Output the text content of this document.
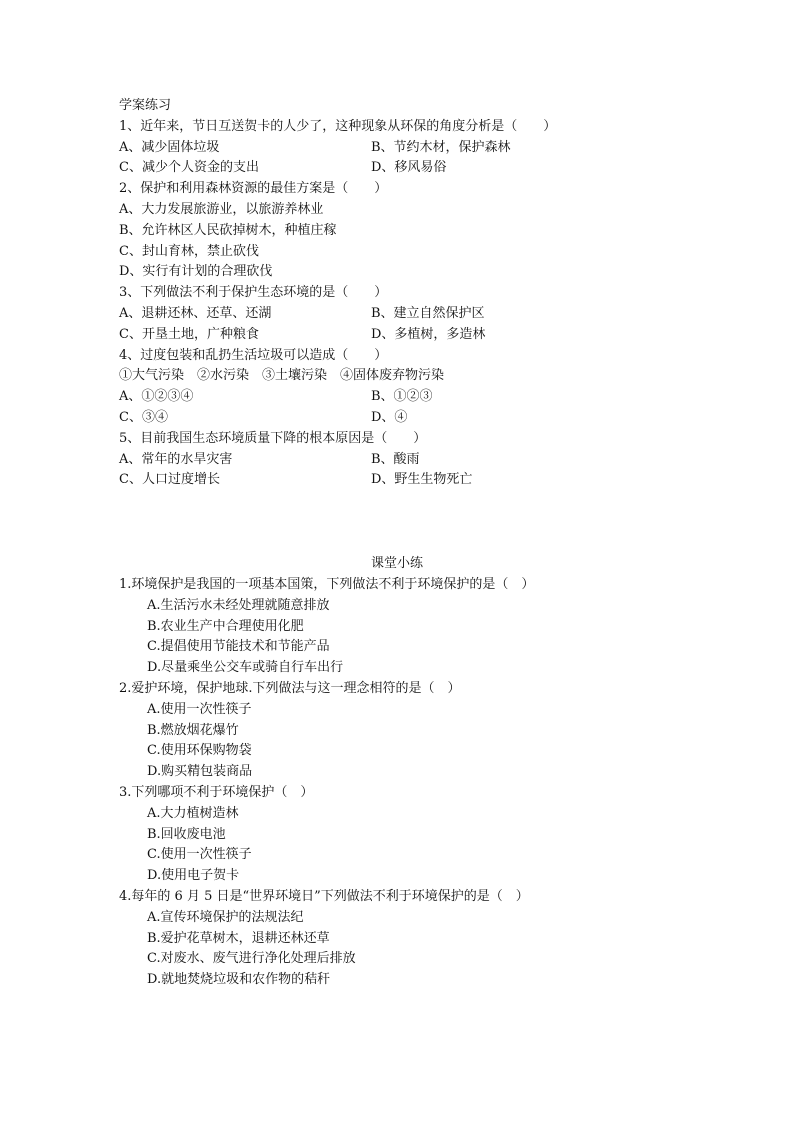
学案练习
1、近年来，节日互送贺卡的人少了，这种现象从环保的角度分析是（　　）
A、减少固体垃圾	B、节约木材，保护森林
C、减少个人资金的支出	D、移风易俗
2、保护和利用森林资源的最佳方案是（　　）
A、大力发展旅游业，以旅游养林业
B、允许林区人民砍掉树木，种植庄稼
C、封山育林，禁止砍伐
D、实行有计划的合理砍伐
3、下列做法不利于保护生态环境的是（　　）
A、退耕还林、还草、还湖	B、建立自然保护区
C、开垦土地，广种粮食	D、多植树，多造林
4、过度包装和乱扔生活垃圾可以造成（　　）
①大气污染　②水污染　③土壤污染　④固体废弃物污染
A、①②③④	B、①②③
C、③④	D、④
5、目前我国生态环境质量下降的根本原因是（　　）
A、常年的水旱灾害	B、酸雨
C、人口过度增长	D、野生生物死亡
课堂小练
1.环境保护是我国的一项基本国策，下列做法不利于环境保护的是（　）
A.生活污水未经处理就随意排放
B.农业生产中合理使用化肥
C.提倡使用节能技术和节能产品
D.尽量乘坐公交车或骑自行车出行
2.爱护环境，保护地球.下列做法与这一理念相符的是（　）
A.使用一次性筷子
B.燃放烟花爆竹
C.使用环保购物袋
D.购买精包装商品
3.下列哪项不利于环境保护（　）
A.大力植树造林
B.回收废电池
C.使用一次性筷子
D.使用电子贺卡
4.每年的 6 月 5 日是“世界环境日”下列做法不利于环境保护的是（　）
A.宣传环境保护的法规法纪
B.爱护花草树木，退耕还林还草
C.对废水、废气进行净化处理后排放
D.就地焚烧垃圾和农作物的秸秆
